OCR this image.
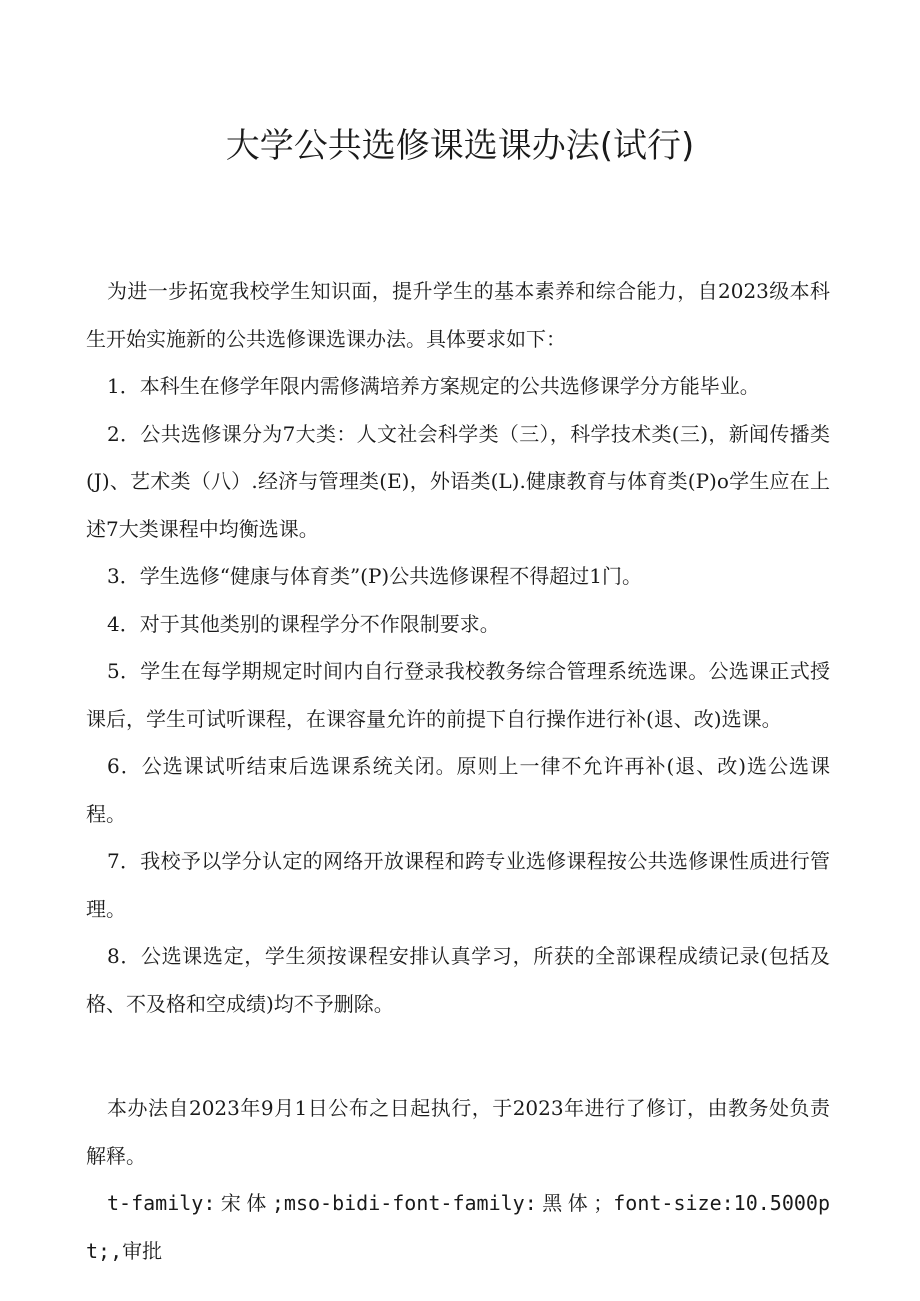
大学公共选修课选课办法(试行)

为进一步拓宽我校学生知识面，提升学生的基本素养和综合能力，自2023级本科生开始实施新的公共选修课选课办法。具体要求如下：

1．本科生在修学年限内需修满培养方案规定的公共选修课学分方能毕业。

2．公共选修课分为7大类：人文社会科学类（三），科学技术类(三)，新闻传播类(J)、艺术类（八）.经济与管理类(E)，外语类(L).健康教育与体育类(P)o学生应在上述7大类课程中均衡选课。

3．学生选修“健康与体育类”(P)公共选修课程不得超过1门。

4．对于其他类别的课程学分不作限制要求。

5．学生在每学期规定时间内自行登录我校教务综合管理系统选课。公选课正式授课后，学生可试听课程，在课容量允许的前提下自行操作进行补(退、改)选课。

6．公选课试听结束后选课系统关闭。原则上一律不允许再补(退、改)选公选课程。

7．我校予以学分认定的网络开放课程和跨专业选修课程按公共选修课性质进行管理。

8．公选课选定，学生须按课程安排认真学习，所获的全部课程成绩记录(包括及格、不及格和空成绩)均不予删除。

本办法自2023年9月1日公布之日起执行，于2023年进行了修订，由教务处负责解释。

t-family:宋体;mso-bidi-font-family:黑体；font-size:10.5000pt;,审批
